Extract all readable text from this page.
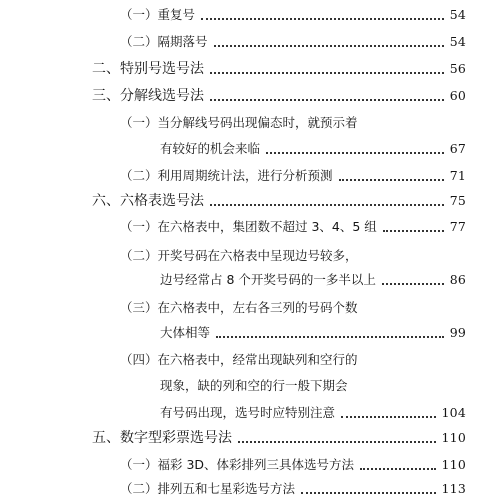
（一）重复号	54
（二）隔期落号	54
二、特别号选号法	56
三、分解线选号法	60
（一）当分解线号码出现偏态时，就预示着
有较好的机会来临	67
（二）利用周期统计法，进行分析预测	71
六、六格表选号法	75
（一）在六格表中，集团数不超过 3、4、5 组	77
（二）开奖号码在六格表中呈现边号较多，
边号经常占 8 个开奖号码的一多半以上	86
（三）在六格表中，左右各三列的号码个数
大体相等	99
（四）在六格表中，经常出现缺列和空行的
现象，缺的列和空的行一般下期会
有号码出现，选号时应特别注意	104
五、数字型彩票选号法	110
（一）福彩 3D、体彩排列三具体选号方法	110
（二）排列五和七星彩选号方法	113
